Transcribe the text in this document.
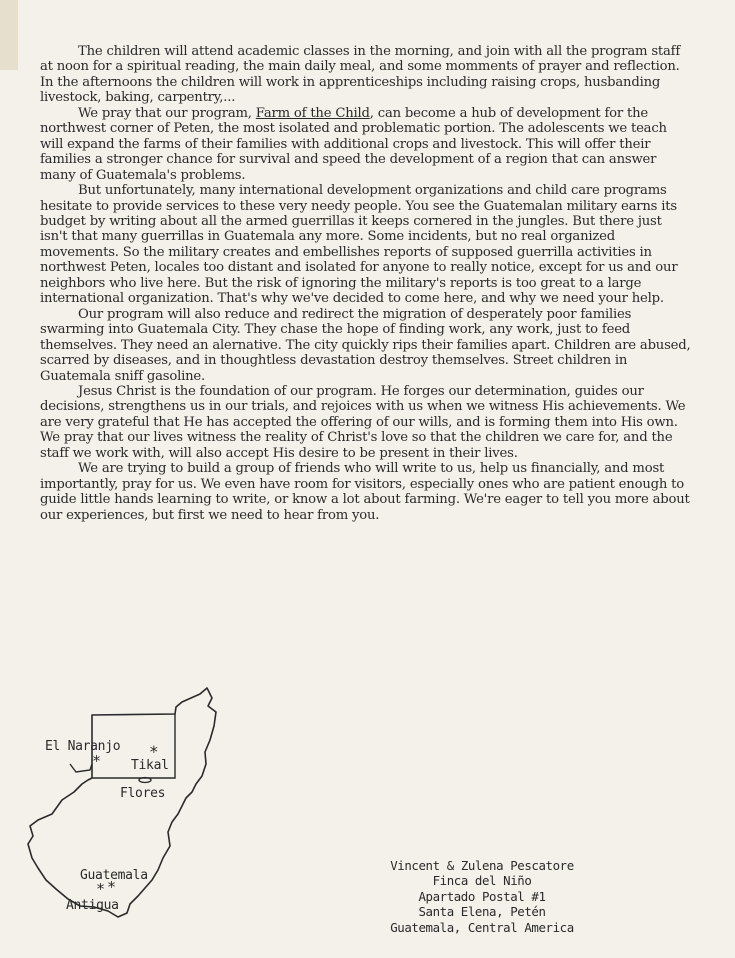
The children will attend academic classes in the morning, and join with all the program staff at noon for a spiritual reading, the main daily meal, and some momments of prayer and reflection. In the afternoons the children will work in apprenticeships including raising crops, husbanding livestock, baking, carpentry,...

We pray that our program, Farm of the Child, can become a hub of development for the northwest corner of Peten, the most isolated and problematic portion. The adolescents we teach will expand the farms of their families with additional crops and livestock. This will offer their families a stronger chance for survival and speed the development of a region that can answer many of Guatemala's problems.

But unfortunately, many international development organizations and child care programs hesitate to provide services to these very needy people. You see the Guatemalan military earns its budget by writing about all the armed guerrillas it keeps cornered in the jungles. But there just isn't that many guerrillas in Guatemala any more. Some incidents, but no real organized movements. So the military creates and embellishes reports of supposed guerrilla activities in northwest Peten, locales too distant and isolated for anyone to really notice, except for us and our neighbors who live here. But the risk of ignoring the military's reports is too great to a large international organization. That's why we've decided to come here, and why we need your help.

Our program will also reduce and redirect the migration of desperately poor families swarming into Guatemala City. They chase the hope of finding work, any work, just to feed themselves. They need an alernative. The city quickly rips their families apart. Children are abused, scarred by diseases, and in thoughtless devastation destroy themselves. Street children in Guatemala sniff gasoline.

Jesus Christ is the foundation of our program. He forges our determination, guides our decisions, strengthens us in our trials, and rejoices with us when we witness His achievements. We are very grateful that He has accepted the offering of our wills, and is forming them into His own. We pray that our lives witness the reality of Christ's love so that the children we care for, and the staff we work with, will also accept His desire to be present in their lives.

We are trying to build a group of friends who will write to us, help us financially, and most importantly, pray for us. We even have room for visitors, especially ones who are patient enough to guide little hands learning to write, or know a lot about farming. We're eager to tell you more about our experiences, but first we need to hear from you.

El Naranjo
*	*
Tikal
Flores
Guatemala
* *
Antigua
Vincent & Zulena Pescatore
Finca del Niño
Apartado Postal #1
Santa Elena, Petén
Guatemala, Central America
